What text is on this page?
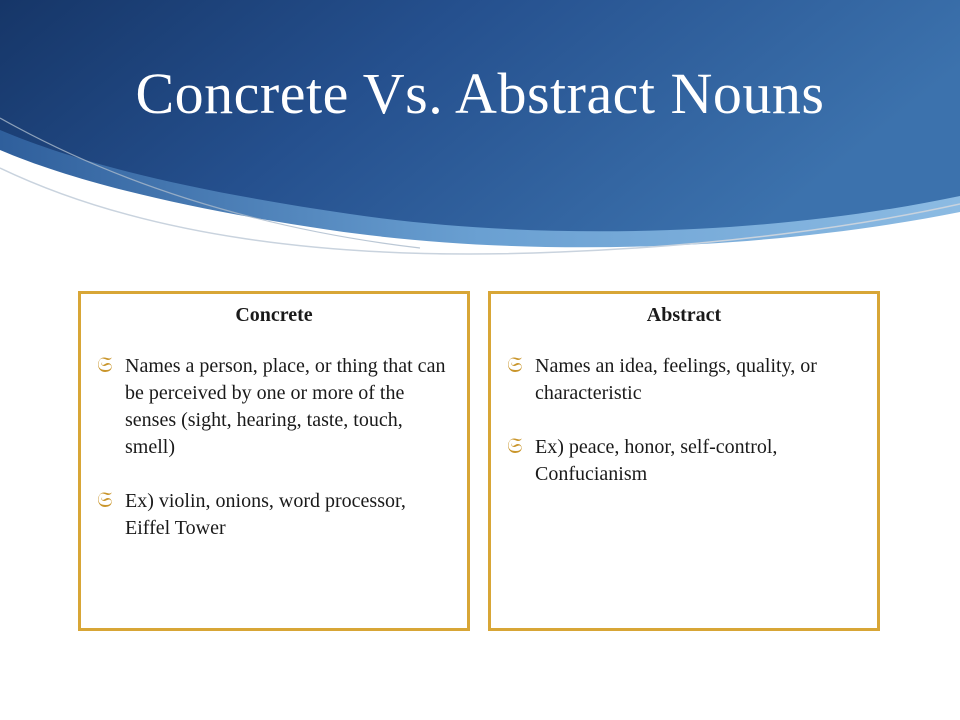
Concrete Vs. Abstract Nouns
Concrete
𝔖 Names a person, place, or thing that can be perceived by one or more of the senses (sight, hearing, taste, touch, smell)
𝔖 Ex) violin, onions, word processor, Eiffel Tower
Abstract
𝔖 Names an idea, feelings, quality, or characteristic
𝔖 Ex) peace, honor, self-control, Confucianism
